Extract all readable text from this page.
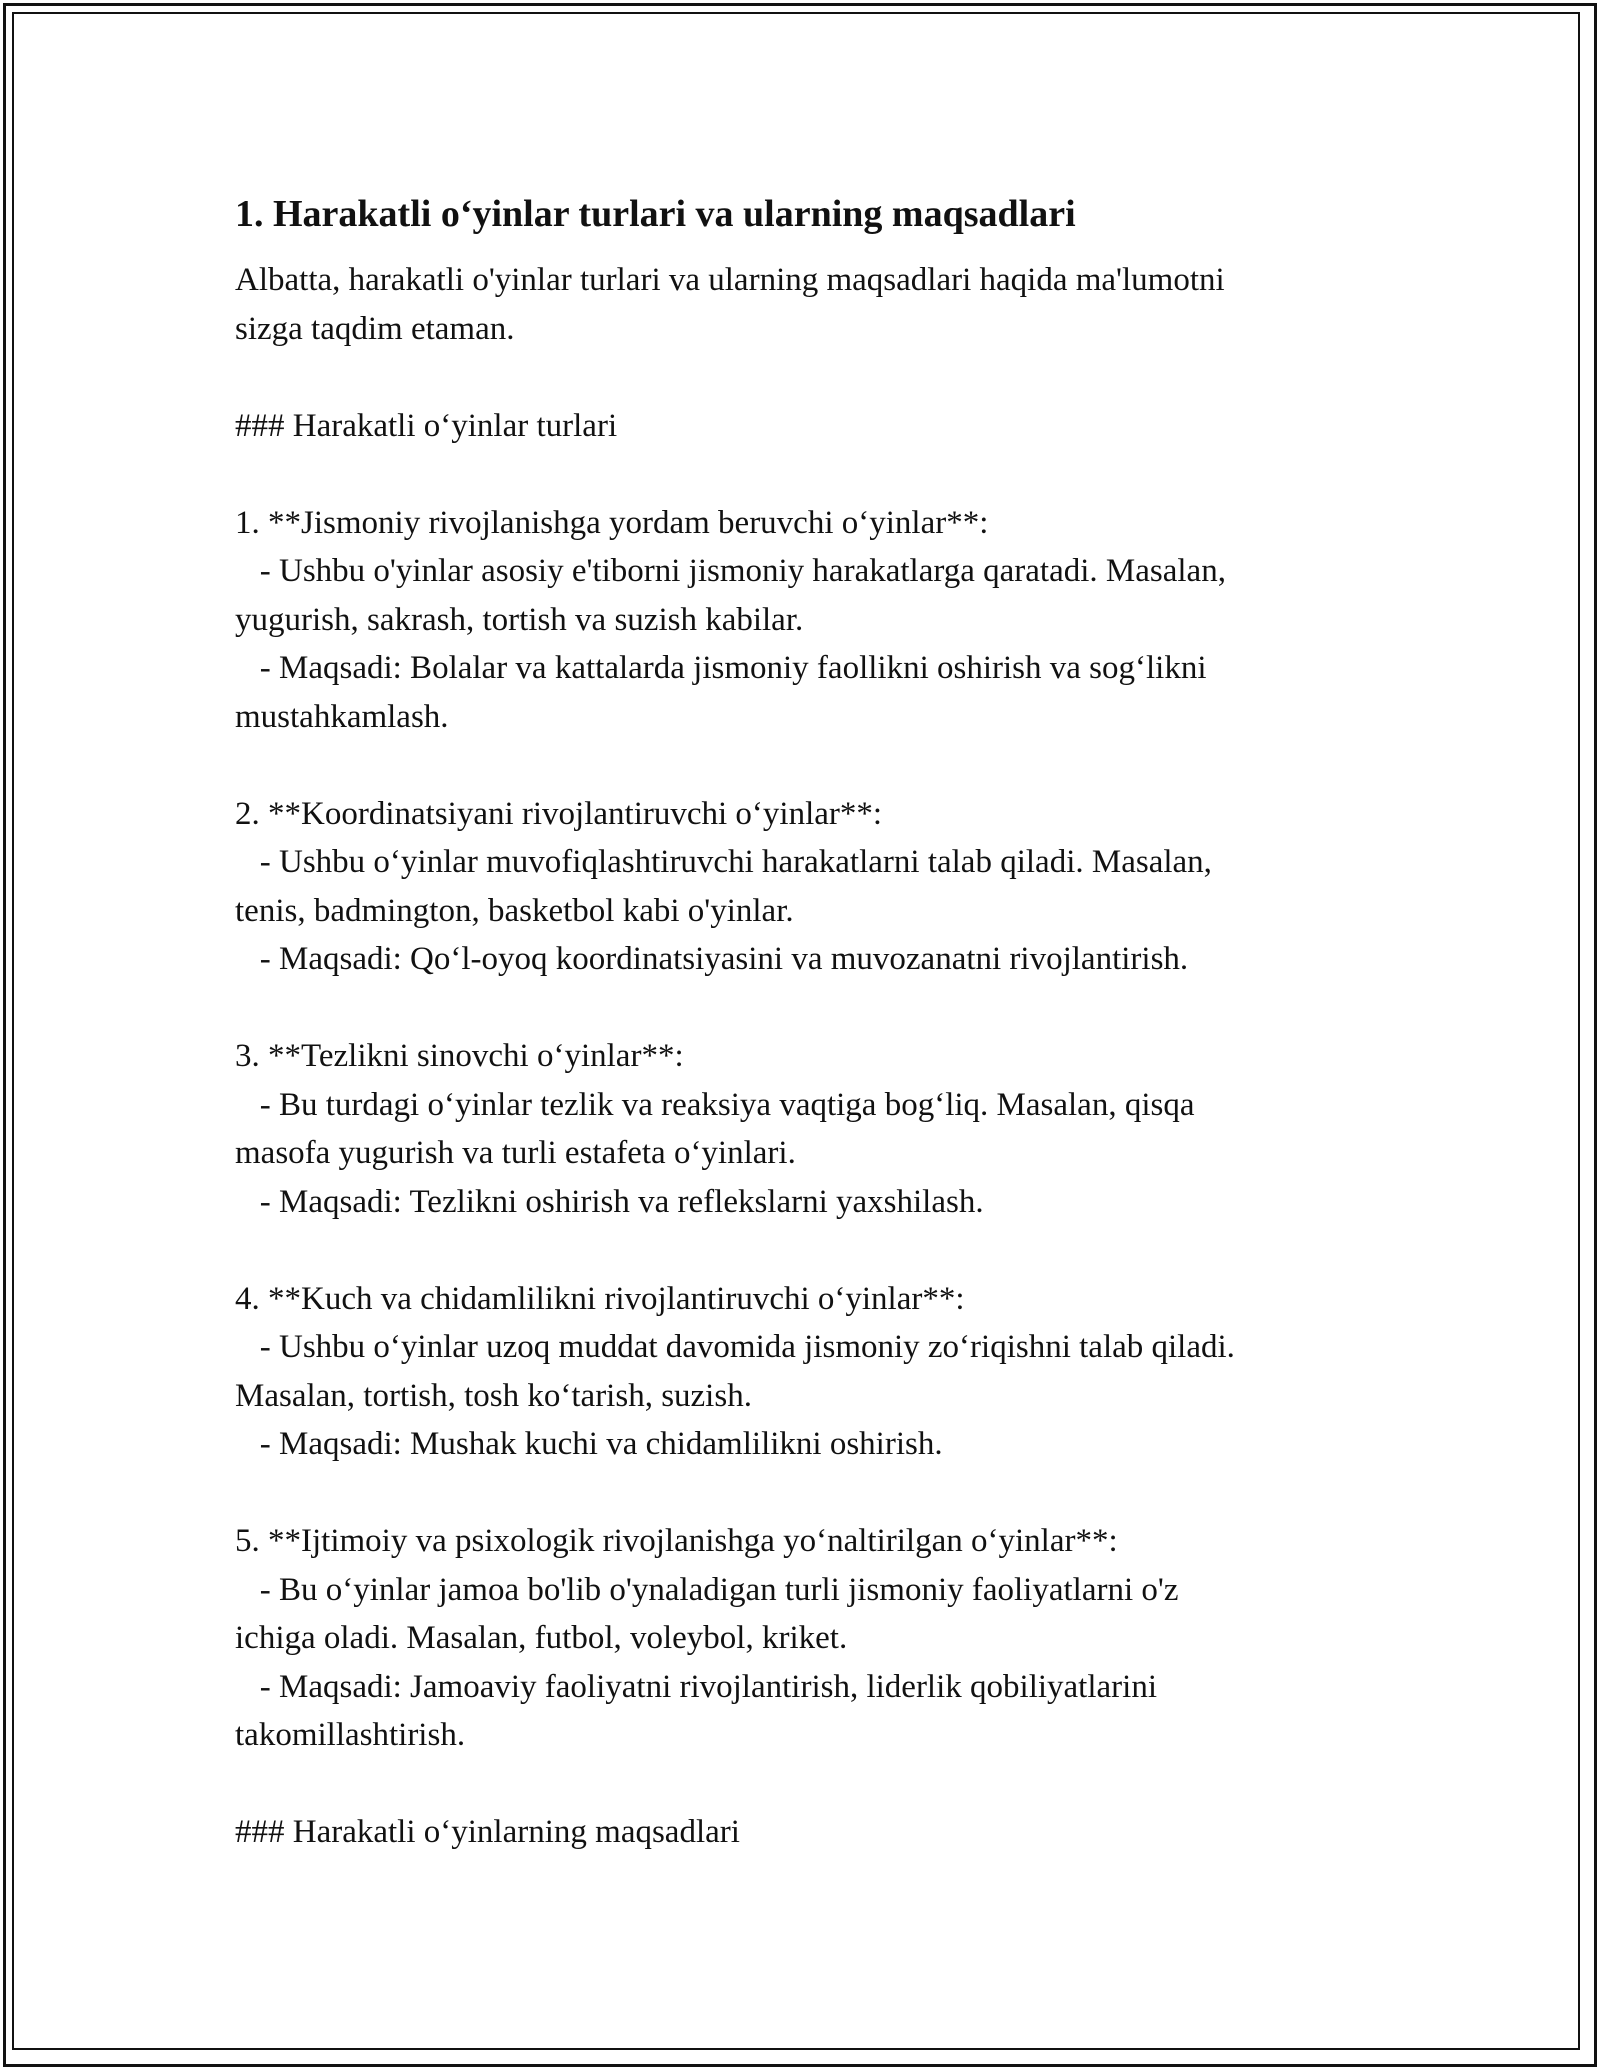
1. Harakatli o‘yinlar turlari va ularning maqsadlari

Albatta, harakatli o'yinlar turlari va ularning maqsadlari haqida ma'lumotni

sizga taqdim etaman.

### Harakatli o‘yinlar turlari

1. **Jismoniy rivojlanishga yordam beruvchi o‘yinlar**:

- Ushbu o'yinlar asosiy e'tiborni jismoniy harakatlarga qaratadi. Masalan,

yugurish, sakrash, tortish va suzish kabilar.

- Maqsadi: Bolalar va kattalarda jismoniy faollikni oshirish va sog‘likni

mustahkamlash.

2. **Koordinatsiyani rivojlantiruvchi o‘yinlar**:

- Ushbu o‘yinlar muvofiqlashtiruvchi harakatlarni talab qiladi. Masalan,

tenis, badmington, basketbol kabi o'yinlar.

- Maqsadi: Qo‘l-oyoq koordinatsiyasini va muvozanatni rivojlantirish.

3. **Tezlikni sinovchi o‘yinlar**:

- Bu turdagi o‘yinlar tezlik va reaksiya vaqtiga bog‘liq. Masalan, qisqa

masofa yugurish va turli estafeta o‘yinlari.

- Maqsadi: Tezlikni oshirish va reflekslarni yaxshilash.

4. **Kuch va chidamlilikni rivojlantiruvchi o‘yinlar**:

- Ushbu o‘yinlar uzoq muddat davomida jismoniy zo‘riqishni talab qiladi.

Masalan, tortish, tosh ko‘tarish, suzish.

- Maqsadi: Mushak kuchi va chidamlilikni oshirish.

5. **Ijtimoiy va psixologik rivojlanishga yo‘naltirilgan o‘yinlar**:

- Bu o‘yinlar jamoa bo'lib o'ynaladigan turli jismoniy faoliyatlarni o'z

ichiga oladi. Masalan, futbol, voleybol, kriket.

- Maqsadi: Jamoaviy faoliyatni rivojlantirish, liderlik qobiliyatlarini

takomillashtirish.

### Harakatli o‘yinlarning maqsadlari
